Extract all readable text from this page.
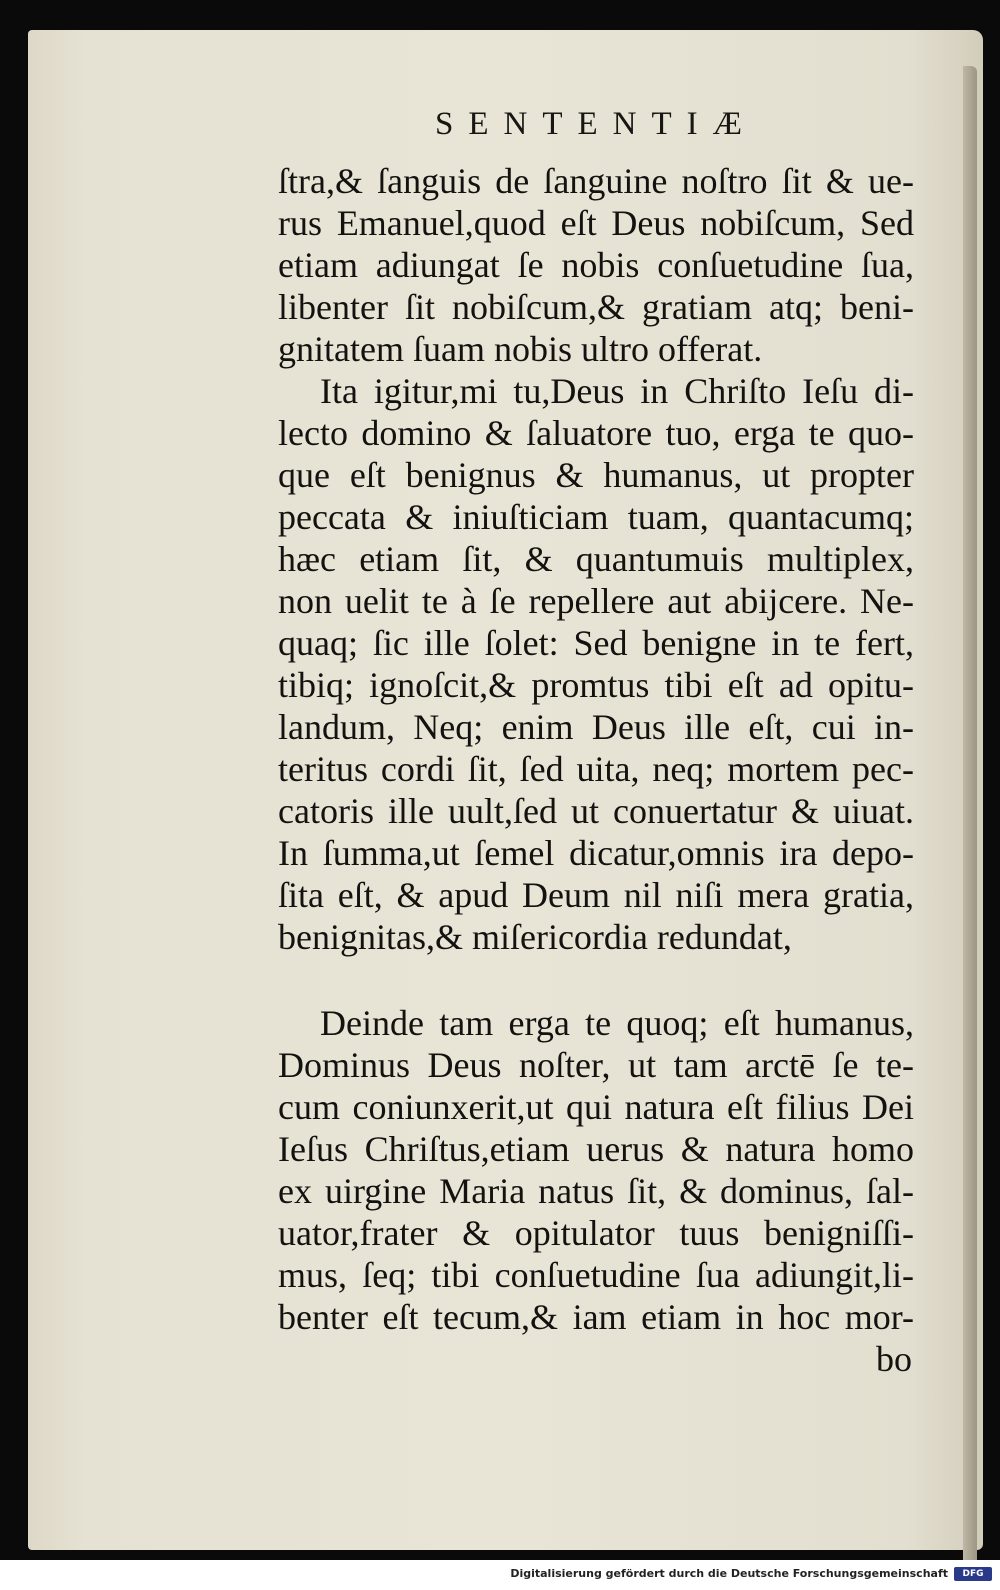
SENTENTIÆ
ſtra,& ſanguis de ſanguine noſtro ſit & ue-
rus Emanuel,quod eſt Deus nobiſcum, Sed
etiam adiungat ſe nobis conſuetudine ſua,
libenter ſit nobiſcum,& gratiam atq; beni-
gnitatem ſuam nobis ultro offerat.
Ita igitur,mi tu,Deus in Chriſto Ieſu di-
lecto domino & ſaluatore tuo, erga te quo-
que eſt benignus & humanus, ut propter
peccata & iniuſticiam tuam, quantacumq;
hæc etiam ſit, & quantumuis multiplex,
non uelit te à ſe repellere aut abijcere. Ne-
quaq; ſic ille ſolet: Sed benigne in te fert,
tibiq; ignoſcit,& promtus tibi eſt ad opitu-
landum, Neq; enim Deus ille eſt, cui in-
teritus cordi ſit, ſed uita, neq; mortem pec-
catoris ille uult,ſed ut conuertatur & uiuat.
In ſumma,ut ſemel dicatur,omnis ira depo-
ſita eſt, & apud Deum nil niſi mera gratia,
benignitas,& miſericordia redundat,
Deinde tam erga te quoq; eſt humanus,
Dominus Deus noſter, ut tam arctē ſe te-
cum coniunxerit,ut qui natura eſt filius Dei
Ieſus Chriſtus,etiam uerus & natura homo
ex uirgine Maria natus ſit, & dominus, ſal-
uator,frater & opitulator tuus benigniſſi-
mus, ſeq; tibi conſuetudine ſua adiungit,li-
benter eſt tecum,& iam etiam in hoc mor-
bo
Digitalisierung gefördert durch die Deutsche Forschungsgemeinschaft	DFG
